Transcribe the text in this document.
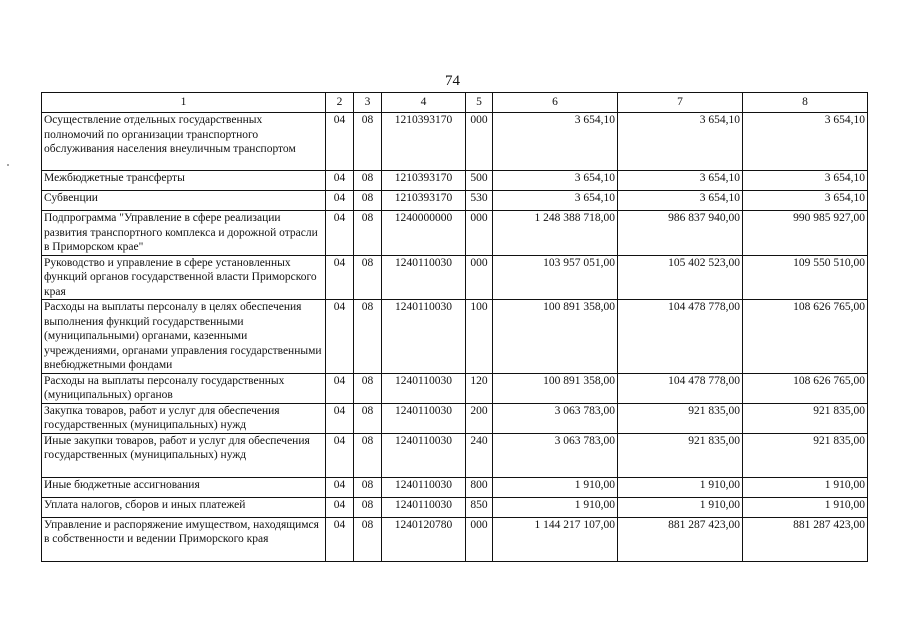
74
1	2	3	4	5	6	7	8
Осуществление отдельных государственных полномочий по организации транспортного обслуживания населения внеуличным транспортом	04	08	1210393170	000	3 654,10	3 654,10	3 654,10
Межбюджетные трансферты	04	08	1210393170	500	3 654,10	3 654,10	3 654,10
Субвенции	04	08	1210393170	530	3 654,10	3 654,10	3 654,10
Подпрограмма "Управление в сфере реализации развития транспортного комплекса и дорожной отрасли в Приморском крае"	04	08	1240000000	000	1 248 388 718,00	986 837 940,00	990 985 927,00
Руководство и управление в сфере установленных функций органов государственной власти Приморского края	04	08	1240110030	000	103 957 051,00	105 402 523,00	109 550 510,00
Расходы на выплаты персоналу в целях обеспечения выполнения функций государственными (муниципальными) органами, казенными учреждениями, органами управления государственными внебюджетными фондами	04	08	1240110030	100	100 891 358,00	104 478 778,00	108 626 765,00
Расходы на выплаты персоналу государственных (муниципальных) органов	04	08	1240110030	120	100 891 358,00	104 478 778,00	108 626 765,00
Закупка товаров, работ и услуг для обеспечения государственных (муниципальных) нужд	04	08	1240110030	200	3 063 783,00	921 835,00	921 835,00
Иные закупки товаров, работ и услуг для обеспечения государственных (муниципальных) нужд	04	08	1240110030	240	3 063 783,00	921 835,00	921 835,00
Иные бюджетные ассигнования	04	08	1240110030	800	1 910,00	1 910,00	1 910,00
Уплата налогов, сборов и иных платежей	04	08	1240110030	850	1 910,00	1 910,00	1 910,00
Управление и распоряжение имуществом, находящимся в собственности и ведении Приморского края	04	08	1240120780	000	1 144 217 107,00	881 287 423,00	881 287 423,00
